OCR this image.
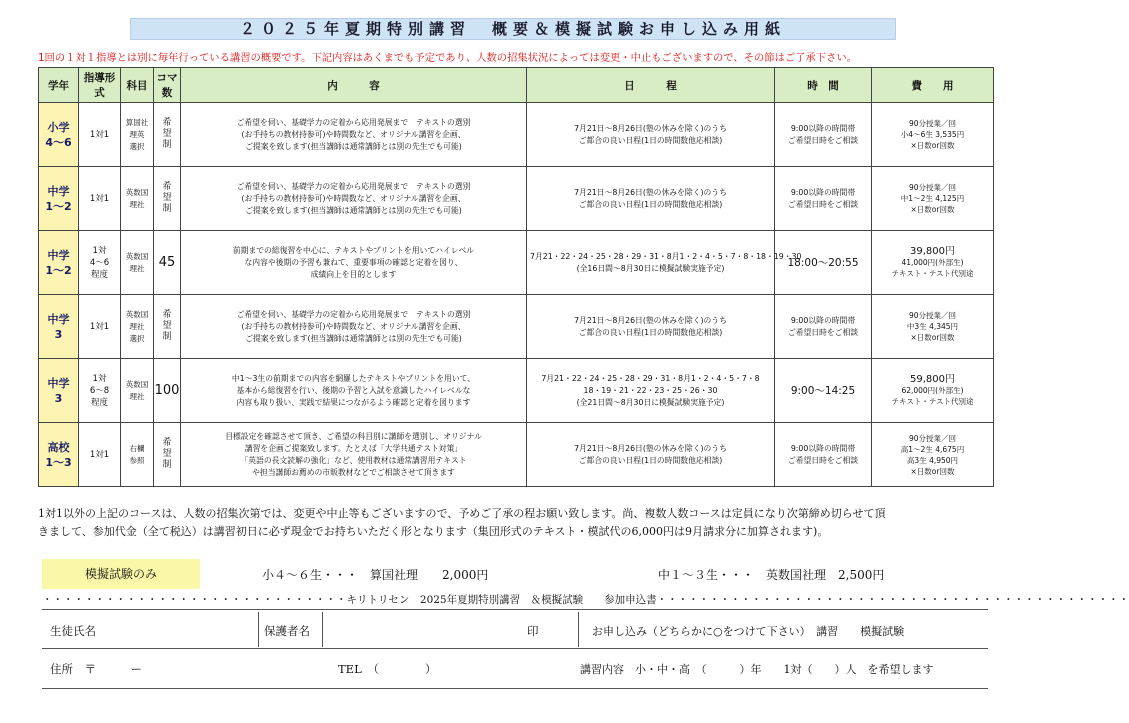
２０２５年夏期特別講習　概要＆模擬試験お申し込み用紙
1回の１対１指導とは別に毎年行っている講習の概要です。下記内容はあくまでも予定であり、人数の招集状況によっては変更・中止もございますので、その節はご了承下さい。
学年	指導形式	科目	コマ数	内　　　容	日　　　程	時　間	費　　用

小学
4～6	1対1	算国社
理英
選択	希
望
制	ご希望を伺い、基礎学力の定着から応用発展まで　テキストの選別
(お手持ちの教材持参可)や時間数など、オリジナル講習を企画、
ご提案を致します(担当講師は通常講師とは別の先生でも可能)	7月21日～8月26日(塾の休みを除く)のうち
ご都合の良い日程(1日の時間数他応相談)	9:00以降の時間帯
ご希望日時をご相談	90分授業／回
小4～6生 3,535円
×日数or回数

中学
1～2	1対1	英数国
理社	希
望
制	ご希望を伺い、基礎学力の定着から応用発展まで　テキストの選別
(お手持ちの教材持参可)や時間数など、オリジナル講習を企画、
ご提案を致します(担当講師は通常講師とは別の先生でも可能)	7月21日～8月26日(塾の休みを除く)のうち
ご都合の良い日程(1日の時間数他応相談)	9:00以降の時間帯
ご希望日時をご相談	90分授業／回
中1～2生 4,125円
×日数or回数

中学
1～2	1対
4～6
程度	英数国
理社	45	前期までの総復習を中心に、テキストやプリントを用いてハイレベル
な内容や後期の予習も兼ねて、重要事項の確認と定着を図り、
成績向上を目的とします	7月21・22・24・25・28・29・31・8月1・2・4・5・7・8・18・19・30
(全16日間～8月30日に模擬試験実施予定)	18:00～20:55	39,800円
41,000円(外部生)
テキスト・テスト代別途

中学
3	1対1	英数国
理社
選択	希
望
制	ご希望を伺い、基礎学力の定着から応用発展まで　テキストの選別
(お手持ちの教材持参可)や時間数など、オリジナル講習を企画、
ご提案を致します(担当講師は通常講師とは別の先生でも可能)	7月21日～8月26日(塾の休みを除く)のうち
ご都合の良い日程(1日の時間数他応相談)	9:00以降の時間帯
ご希望日時をご相談	90分授業／回
中3生 4,345円
×日数or回数

中学
3	1対
6～8
程度	英数国
理社	100	中1～3生の前期までの内容を網羅したテキストやプリントを用いて、
基本から総復習を行い、後期の予習と入試を意識したハイレベルな
内容も取り扱い、実践で結果につながるよう確認と定着を図ります	7月21・22・24・25・28・29・31・8月1・2・4・5・7・8
18・19・21・22・23・25・26・30
(全21日間～8月30日に模擬試験実施予定)	9:00～14:25	59,800円
62,000円(外部生)
テキスト・テスト代別途

高校
1～3	1対1	右欄
参照	希
望
制	目標設定を確認させて頂き、ご希望の科目別に講師を選別し、オリジナル
講習を企画ご提案致します。たとえば「大学共通テスト対策」
「英語の長文読解の強化」など、使用教材は通常講習用テキスト
や担当講師お薦めの市販教材などでご相談させて頂きます	7月21日～8月26日(塾の休みを除く)のうち
ご都合の良い日程(1日の時間数他応相談)	9:00以降の時間帯
ご希望日時をご相談	90分授業／回
高1～2生 4,675円
高3生 4,950円
×日数or回数
1対1以外の上記のコースは、人数の招集次第では、変更や中止等もございますので、予めご了承の程お願い致します。尚、複数人数コースは定員になり次第締め切らせて頂
きまして、参加代金（全て税込）は講習初日に必ず現金でお持ちいただく形となります（集団形式のテキスト・模試代の6,000円は9月請求分に加算されます)。
模擬試験のみ	小４～６生・・・　算国社理　　2,000円	中１～３生・・・　英数国社理　2,500円
・・・・・・・・・・・・・・・・・・・・・・・・・・・・・キリトリセン　2025年夏期特別講習　＆模擬試験　　参加申込書・・・・・・・・・・・・・・・・・・・・・・・・・・・・・・・・・・・・・・・・・・・・・
生徒氏名	保護者名	印	お申し込み（どちらかに○をつけて下さい）　講習　　模擬試験
住所　〒　　　ー	TEL　（　　　　）	講習内容　小・中・高　（　　　）年　　1対（　　）人　を希望します
